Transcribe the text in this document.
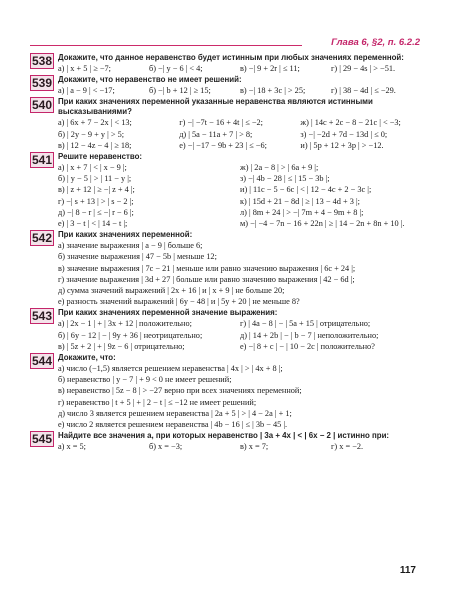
Глава 6, §2, п. 6.2.2
538 Докажите, что данное неравенство будет истинным при любых значениях переменной:
а) | x + 5 | ≥ −7;	б) −| y − 6 | < 4;	в) −| 9 + 2r | ≤ 11;	г) | 29 − 4s | > −51.
539 Докажите, что неравенство не имеет решений:
а) | a − 9 | < −17;	б) −| b + 12 | ≥ 15;	в) −| 18 + 3c | > 25;	г) | 38 − 4d | ≤ −29.
540 При каких значениях переменной указанные неравенства являются истинными высказываниями?
а) | 6x + 7 − 2x | < 13;	г) −| −7t − 16 + 4t | ≤ −2;	ж) | 14c + 2c − 8 − 21c | < −3;
б) | 2y − 9 + y | > 5;	д) | 5a − 11a + 7 | > 8;	з) −| −2d + 7d − 13d | ≤ 0;
в) | 12 − 4z − 4 | ≥ 18;	е) −| −17 − 9b + 23 | ≤ −6;	и) | 5p + 12 + 3p | > −12.
541 Решите неравенство:
а) | x + 7 | < | x − 9 |;	ж) | 2a − 8 | > | 6a + 9 |;
б) | y − 5 | > | 11 − y |;	з) −| 4b − 28 | ≤ | 15 − 3b |;
в) | z + 12 | ≥ −| z + 4 |;	и) | 11c − 5 − 6c | < | 12 − 4c + 2 − 3c |;
г) −| s + 13 | > | s − 2 |;	к) | 15d + 21 − 8d | ≥ | 13 − 4d + 3 |;
д) −| 8 − r | ≤ −| r − 6 |;	л) | 8m + 24 | > −| 7m + 4 − 9m + 8 |;
е) | 3 − t | < | 14 − t |;	м) −| −4 − 7n − 16 + 22n | ≥ | 14 − 2n + 8n + 10 |.
542 При каких значениях переменной:
а) значение выражения | a − 9 | больше 6;
б) значение выражения | 47 − 5b | меньше 12;
в) значение выражения | 7c − 21 | меньше или равно значению выражения | 6c + 24 |;
г) значение выражения | 3d + 27 | больше или равно значению выражения | 42 − 6d |;
д) сумма значений выражений | 2x + 16 | и | x + 9 | не больше 20;
е) разность значений выражений | 6y − 48 | и | 5y + 20 | не меньше 8?
543 При каких значениях переменной значение выражения:
а) | 2x − 1 | + | 3x + 12 | положительно;	г) | 4a − 8 | − | 5a + 15 | отрицательно;
б) | 6y − 12 | − | 9y + 36 | неотрицательно;	д) | 14 + 2b | − | b − 7 | неположительно;
в) | 5z + 2 | + | 9z − 6 | отрицательно;	е) −| 8 + c | − | 10 − 2c | положительно?
544 Докажите, что:
а) число (−1,5) является решением неравенства | 4x | > | 4x + 8 |;
б) неравенство | y − 7 | + 9 < 0 не имеет решений;
в) неравенство | 5z − 8 | > −27 верно при всех значениях переменной;
г) неравенство | t + 5 | + | 2 − t | ≤ −12 не имеет решений;
д) число 3 является решением неравенства | 2a + 5 | > | 4 − 2a | + 1;
е) число 2 является решением неравенства | 4b − 16 | ≤ | 3b − 45 |.
545 Найдите все значения a, при которых неравенство | 3a + 4x | < | 6x − 2 | истинно при:
а) x = 5;	б) x = −3;	в) x = 7;	г) x = −2.
117
